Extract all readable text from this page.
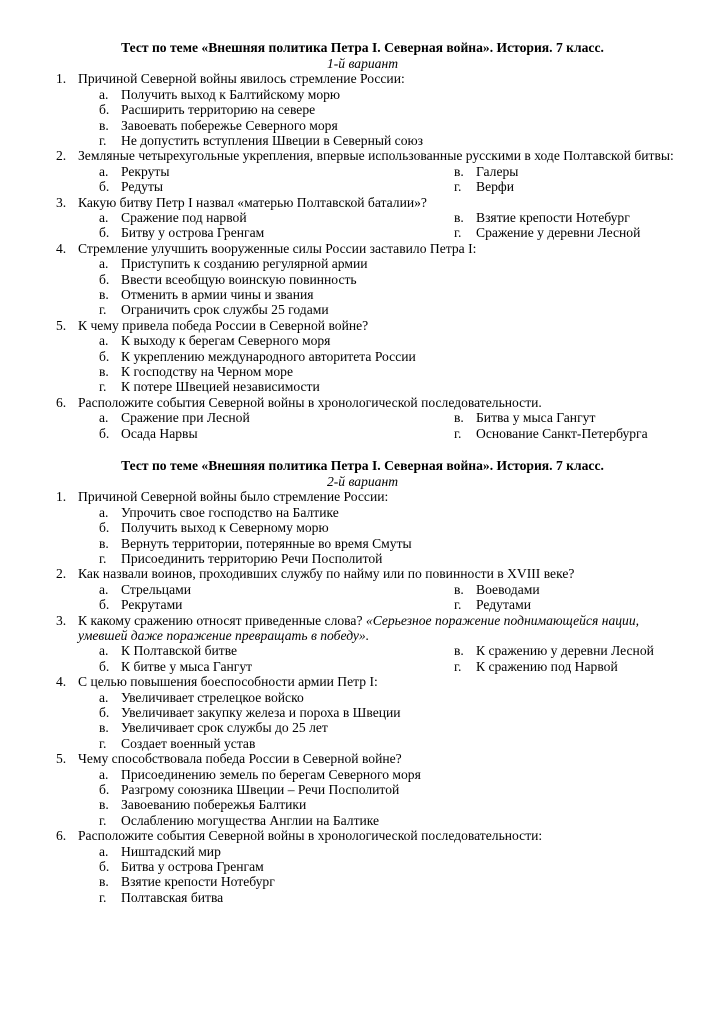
Тест по теме «Внешняя политика Петра I. Северная война». История. 7 класс.
1-й вариант
1. Причиной Северной войны явилось стремление России:
а. Получить выход к Балтийскому морю
б. Расширить территорию на севере
в. Завоевать побережье Северного моря
г. Не допустить вступления Швеции в Северный союз
2. Земляные четырехугольные укрепления, впервые использованные русскими в ходе Полтавской битвы:
а. Рекруты
б. Редуты
в. Галеры
г. Верфи
3. Какую битву Петр I назвал «матерью Полтавской баталии»?
а. Сражение под нарвой
б. Битву у острова Гренгам
в. Взятие крепости Нотебург
г. Сражение у деревни Лесной
4. Стремление улучшить вооруженные силы России заставило Петра I:
а. Приступить к созданию регулярной армии
б. Ввести всеобщую воинскую повинность
в. Отменить в армии чины и звания
г. Ограничить срок службы 25 годами
5. К чему привела победа России в Северной войне?
а. К выходу к берегам Северного моря
б. К укреплению международного авторитета России
в. К господству на Черном море
г. К потере Швецией независимости
6. Расположите события Северной войны в хронологической последовательности.
а. Сражение при Лесной
б. Осада Нарвы
в. Битва у мыса Гангут
г. Основание Санкт-Петербурга
Тест по теме «Внешняя политика Петра I. Северная война». История. 7 класс.
2-й вариант
1. Причиной Северной войны было стремление России:
а. Упрочить свое господство на Балтике
б. Получить выход к Северному морю
в. Вернуть территории, потерянные во время Смуты
г. Присоединить территорию Речи Посполитой
2. Как назвали воинов, проходивших службу по найму или по повинности в XVIII веке?
а. Стрельцами
б. Рекрутами
в. Воеводами
г. Редутами
3. К какому сражению относят приведенные слова? «Серьезное поражение поднимающейся нации, умевшей даже поражение превращать в победу».
а. К Полтавской битве
б. К битве у мыса Гангут
в. К сражению у деревни Лесной
г. К сражению под Нарвой
4. С целью повышения боеспособности армии Петр I:
а. Увеличивает стрелецкое войско
б. Увеличивает закупку железа и пороха в Швеции
в. Увеличивает срок службы до 25 лет
г. Создает военный устав
5. Чему способствовала победа России в Северной войне?
а. Присоединению земель по берегам Северного моря
б. Разгрому союзника Швеции – Речи Посполитой
в. Завоеванию побережья Балтики
г. Ослаблению могущества Англии на Балтике
6. Расположите события Северной войны в хронологической последовательности:
а. Ништадский мир
б. Битва у острова Гренгам
в. Взятие крепости Нотебург
г. Полтавская битва
